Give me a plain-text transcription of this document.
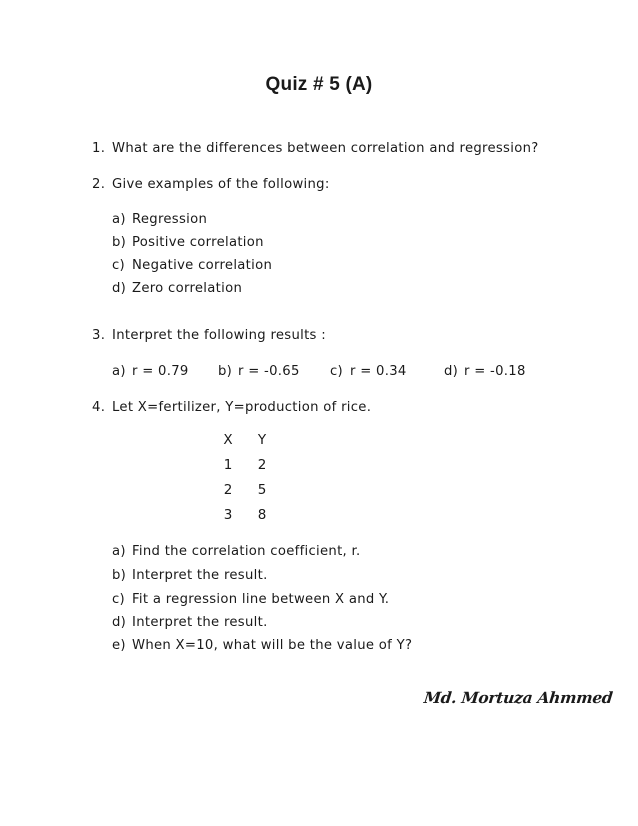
Quiz # 5 (A)
1. What are the differences between correlation and regression?
2. Give examples of the following:
a) Regression
b) Positive correlation
c) Negative correlation
d) Zero correlation
3. Interpret the following results :
a) r = 0.79 b) r = -0.65 c) r = 0.34	d) r = -0.18
4. Let X=fertilizer, Y=production of rice.
X	Y
1	2
2	5
3	8
a) Find the correlation coefficient, r.
b) Interpret the result.
c) Fit a regression line between X and Y.
d) Interpret the result.
e) When X=10, what will be the value of Y?
Md. Mortuza Ahmmed
